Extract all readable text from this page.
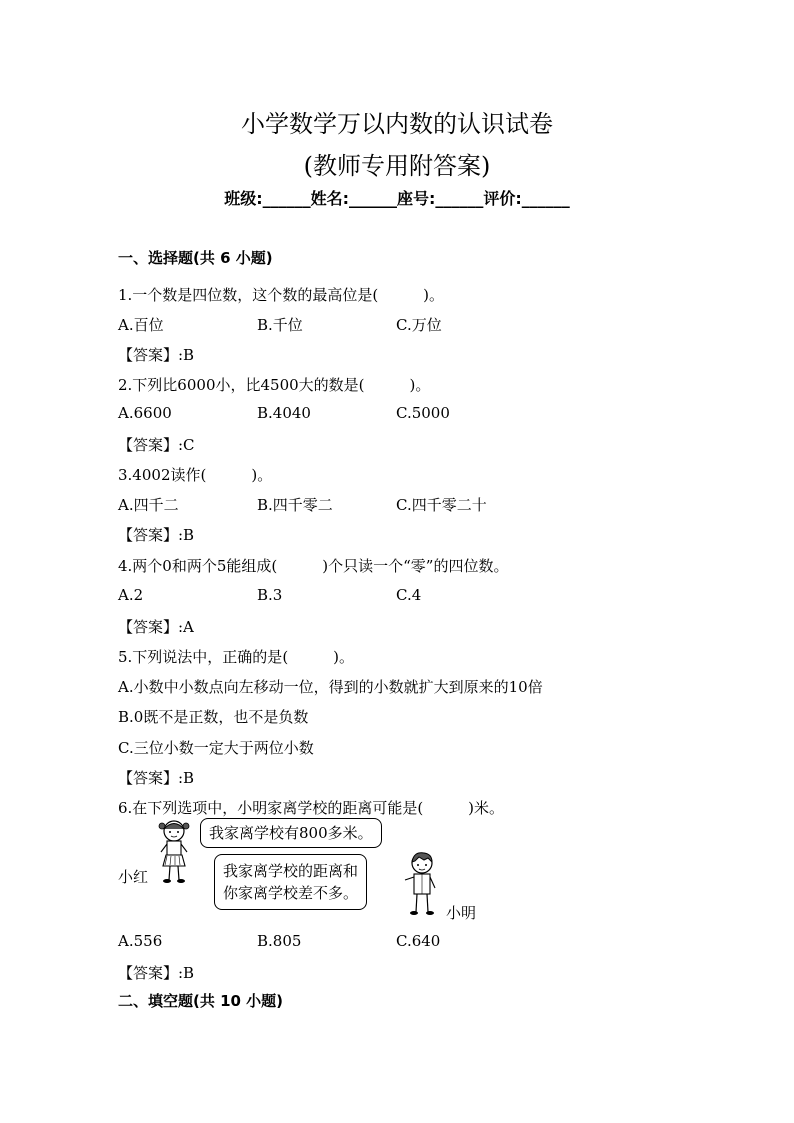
小学数学万以内数的认识试卷
(教师专用附答案)
班级:______姓名:______座号:______评价:______
一、选择题(共 6 小题)
1.一个数是四位数，这个数的最高位是(　　　)。
A.百位	B.千位	C.万位
【答案】:B
2.下列比6000小，比4500大的数是(　　　)。
A.6600	B.4040	C.5000
【答案】:C
3.4002读作(　　　)。
A.四千二	B.四千零二	C.四千零二十
【答案】:B
4.两个0和两个5能组成(　　　)个只读一个“零”的四位数。
A.2	B.3	C.4
【答案】:A
5.下列说法中，正确的是(　　　)。
A.小数中小数点向左移动一位，得到的小数就扩大到原来的10倍
B.0既不是正数，也不是负数
C.三位小数一定大于两位小数
【答案】:B
6.在下列选项中，小明家离学校的距离可能是(　　　)米。
小红
我家离学校有800多米。
我家离学校的距离和
你家离学校差不多。
小明
A.556	B.805	C.640
【答案】:B
二、填空题(共 10 小题)
